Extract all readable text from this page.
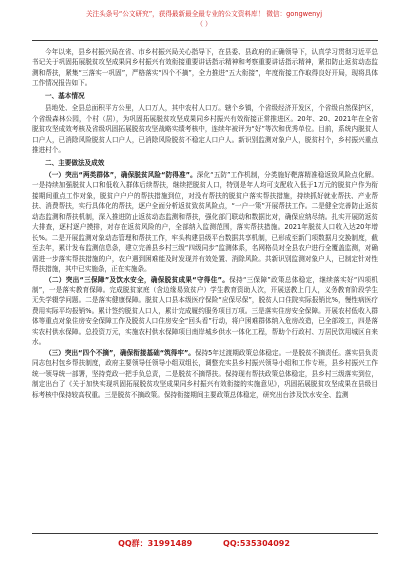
关注头条号“公文研究”，获得最新最全最专业的公文资料库！ 微信：gongwenyj
（ ）

今年以来，县乡村振兴局在省、市乡村振兴局关心指导下，在县委、县政府的正确领导下，认真学习贯彻习近平总书记关于巩固拓展脱贫攻坚成果同乡村振兴有效衔接重要讲话指示精神和考察重要讲话指示精神，紧扣防止返贫动态监测和帮扶，紧集“三落实一巩固”，严格落实“四个不摘”，全力推进“五大衔接”，年度衔接工作取得良好开局，现将具体工作情况报告如下。

一、基本情况

县地处、全县总面积平方公里，人口万人，其中农村人口万。辖个乡镇，个省级经济开发区，个省级自然保护区，个省级森林公园，个村（居），为巩固拓展脱贫攻坚成果同乡村振兴有效衔接正常推进区。20年、20、2021年在全省脱贫攻坚成效考核及省级巩固拓展脱贫攻坚战略实绩考核中，连续年被评为“好”等次和优秀单位。目前，系统内脱贫人口户人，已消除风险脱贫人口户人，已消除风险脱贫不稳定人口户人。新识别监测对象户人，脱贫村个，乡村振兴重点推进村个。

二、主要做法及成效

（一）突出“两类群体”，确保脱贫风险“防得准”。深化“五防”工作机制，分类施好靶落精准稳返致风险点化解。一是持续加强脱贫人口和低收入群体后续帮扶，继续把脱贫人口，特别是年人均可支配收入低于1万元的脱贫户作为衔接期间重点工作对象，脱贫户户户的帮扶措施到位，对没有帮扶的脱贫户落实帮扶措施，持续抓好就业帮扶、产业帮扶、消费帮扶，实行具体化的帮扶，逐户全面分析返贫致贫风险点，“一户一策”开展帮扶工作。二是健全完善防止返贫动态监测和帮扶机制，深入推进防止返贫动态监测和帮扶，强化部门联动和数据比对，确保应纳尽纳。扎实开展防返贫大排查，逐村逐户摸排，对存在返贫风险的户，全部纳入监测范围，落实帮扶措施。2021年脱贫人口收入达20年增长%。二是开展监测对象动态管理和帮扶工作，牢头构建县级平台数据共享机制，已形成至新门项数据月交换制度，截至去年，累计发布监测信息条，建立完善县乡村三级“四级同步”监测体系，名网格员对全县农户进行全覆盖监测，对确需进一步落实帮扶措施的户，农户遇到困难能及时发现并有效处置、消除风险。共新识别监测对象户人，已制定针对性帮扶措施，其中已实施条，正在实施条。

（二）突出“三保障”及饮水安全，确保脱贫成果“守得住”。保持“三保障”政策总体稳定，继续落实好“四项机制”，一是落实教育保障。完成脱贫家庭（含边缘易致贫户）学生教育资助人次，开展送教上门人，义务教育阶段学生无失学辍学问题。二是落实健康保障。脱贫人口县本级医疗保险“应保尽保”，脱贫人口住院实际报销比%，慢性病医疗费用实际平均报销%。累计签约脱贫人口人，累计完成履约服务项目万项。三是落实住房安全保障。开展农村低收入群体等重点对象住房安全保障工作及脱贫人口住房安全“回头看”行动，将户困难群体纳入危房改造，已全部竣工，四是落实农村供水保障。总投资万元，实施农村供水保障项目南岸城乡供水一体化工程，帮助个行政村、万居民饮用城区自来水。

（三）突出“四个不摘”，确保衔接基础“筑得牢”。保持5年过渡期政策总体稳定。一是脱贫不摘责任。落实县负责同志包村包乡帮扶制度，政府主要领导任领导小组双组长，调整充实县乡村振兴领导小组和工作专班，县乡村振兴工作统一领导统一部署，坚持党政一把手负总责，二是脱贫不摘帮扶。保持现有帮扶政策总体稳定，县乡村三级落实到位，制定出台了《关于加快实现巩固拓展脱贫攻坚成果同乡村振兴有效衔接的实施意见》，巩固拓展脱贫攻坚成果在县级目标考核中保持较高权重。三是脱贫不摘政策。保持衔接期间主要政策总体稳定，研究出台涉及饮水安全、监测

QQ群：31991489	QQ:535304092
